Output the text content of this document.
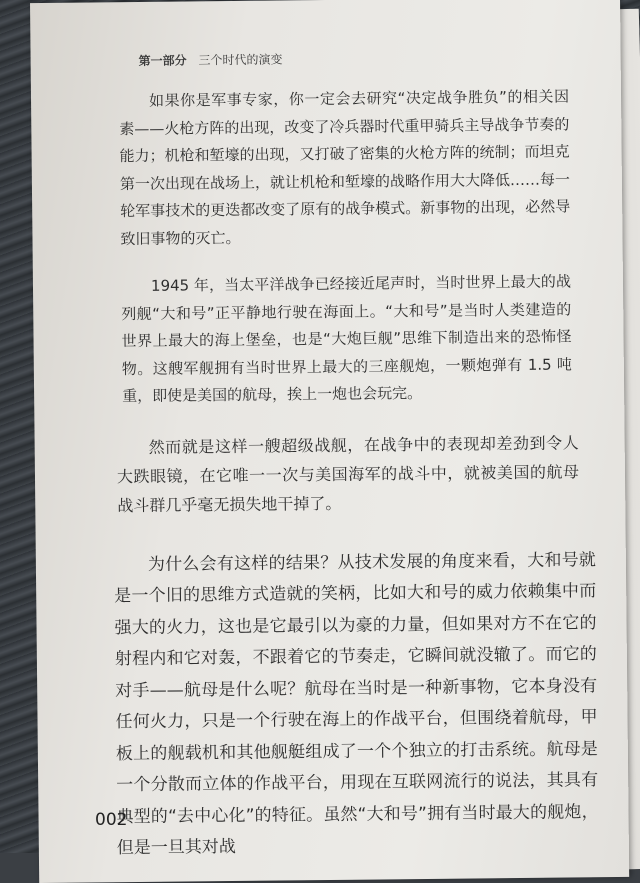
第一部分 三个时代的演变

如果你是军事专家，你一定会去研究“决定战争胜负”的相关因素——火枪方阵的出现，改变了冷兵器时代重甲骑兵主导战争节奏的能力；机枪和堑壕的出现，又打破了密集的火枪方阵的统制；而坦克第一次出现在战场上，就让机枪和堑壕的战略作用大大降低……每一轮军事技术的更迭都改变了原有的战争模式。新事物的出现，必然导致旧事物的灭亡。

1945 年，当太平洋战争已经接近尾声时，当时世界上最大的战列舰“大和号”正平静地行驶在海面上。“大和号”是当时人类建造的世界上最大的海上堡垒，也是“大炮巨舰”思维下制造出来的恐怖怪物。这艘军舰拥有当时世界上最大的三座舰炮，一颗炮弹有 1.5 吨重，即使是美国的航母，挨上一炮也会玩完。

然而就是这样一艘超级战舰，在战争中的表现却差劲到令人大跌眼镜，在它唯一一次与美国海军的战斗中，就被美国的航母战斗群几乎毫无损失地干掉了。

为什么会有这样的结果？从技术发展的角度来看，大和号就是一个旧的思维方式造就的笑柄，比如大和号的威力依赖集中而强大的火力，这也是它最引以为豪的力量，但如果对方不在它的射程内和它对轰，不跟着它的节奏走，它瞬间就没辙了。而它的对手——航母是什么呢？航母在当时是一种新事物，它本身没有任何火力，只是一个行驶在海上的作战平台，但围绕着航母，甲板上的舰载机和其他舰艇组成了一个个独立的打击系统。航母是一个分散而立体的作战平台，用现在互联网流行的说法，其具有典型的“去中心化”的特征。虽然“大和号”拥有当时最大的舰炮，但是一旦其对战

002
